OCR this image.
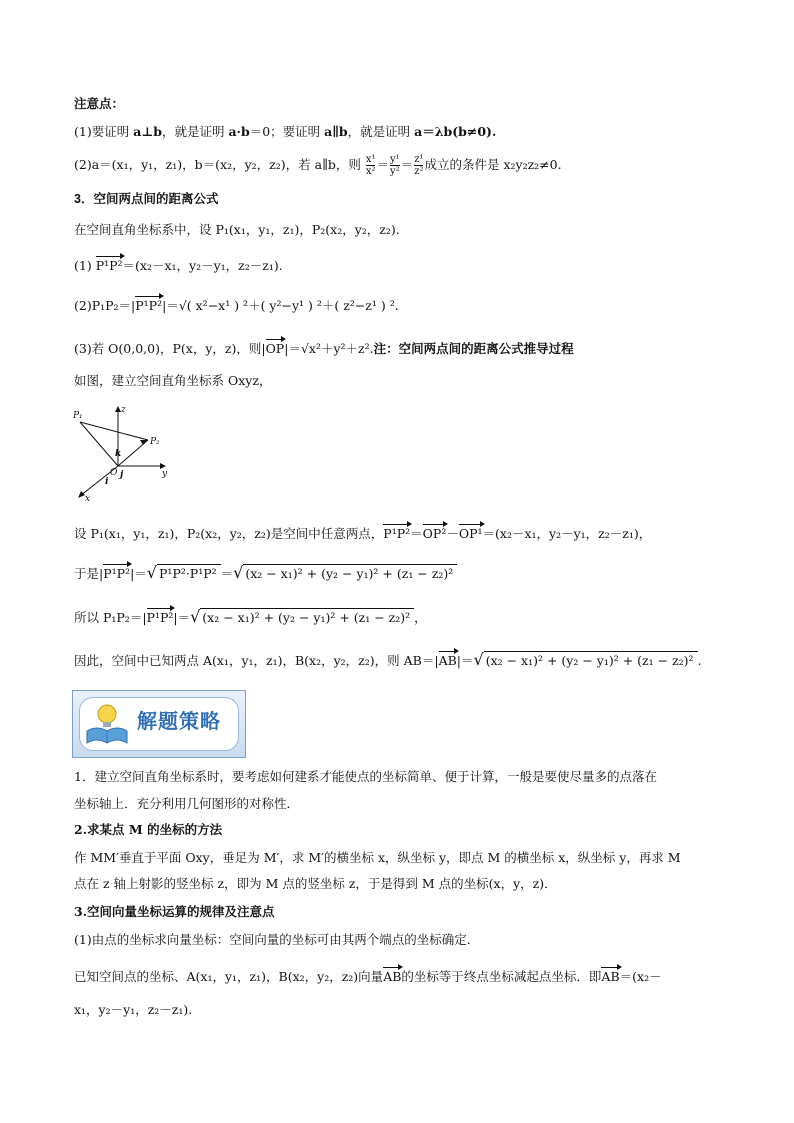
注意点：
(1)要证明 a⊥b，就是证明 a·b＝0；要证明 a∥b，就是证明 a＝λb(b≠0).
(2)a＝(x₁，y₁，z₁)，b＝(x₂，y₂，z₂)，若 a∥b，则 $\frac{\text{x¹}}{\text{x²}} = \frac{\text{y¹}}{\text{y²}} = \frac{\text{z¹}}{\text{z²}}$ 成立的条件是 x₂y₂z₂≠0.
3．空间两点间的距离公式
在空间直角坐标系中，设 P₁(x₁，y₁，z₁)，P₂(x₂，y₂，z₂).
(1) P¹P²＝(x₂－x₁，y₂－y₁，z₂－z₁).
(2)P₁P₂＝|P¹P²|＝√( x²−x¹ ) ²＋( y²−y¹ ) ²＋( z²−z¹ ) ².
(3)若 O(0,0,0)，P(x，y，z)，则|OP|＝√x²＋y²＋z².注：空间两点间的距离公式推导过程
如图，建立空间直角坐标系 Oxyz，
P₁
P₂
z
y
x
O
i
j
k
设 P₁(x₁，y₁，z₁)，P₂(x₂，y₂，z₂)是空间中任意两点，P¹P²＝OP²－OP¹＝(x₂－x₁，y₂－y₁，z₂－z₁)，
于是|P¹P²|＝√ P¹P²·P¹P² ＝√ (x₂ − x₁)² + (y₂ − y₁)² + (z₁ − z₂)²
所以 P₁P₂＝|P¹P²|＝√ (x₂ − x₁)² + (y₂ − y₁)² + (z₁ − z₂)² ，
因此，空间中已知两点 A(x₁，y₁，z₁)，B(x₂，y₂，z₂)，则 AB＝|AB|＝√ (x₂ − x₁)² + (y₂ − y₁)² + (z₁ − z₂)² .
解题策略
1．建立空间直角坐标系时，要考虑如何建系才能使点的坐标简单、便于计算，一般是要使尽量多的点落在
坐标轴上．充分利用几何图形的对称性．
2.求某点 M 的坐标的方法
作 MM′垂直于平面 Oxy，垂足为 M′，求 M′的横坐标 x，纵坐标 y，即点 M 的横坐标 x，纵坐标 y，再求 M
点在 z 轴上射影的竖坐标 z，即为 M 点的竖坐标 z，于是得到 M 点的坐标(x，y，z)．
3.空间向量坐标运算的规律及注意点
(1)由点的坐标求向量坐标：空间向量的坐标可由其两个端点的坐标确定．
已知空间点的坐标、A(x₁，y₁，z₁)，B(x₂，y₂，z₂)向量AB的坐标等于终点坐标减起点坐标．即AB＝(x₂－
x₁，y₂－y₁，z₂－z₁).
